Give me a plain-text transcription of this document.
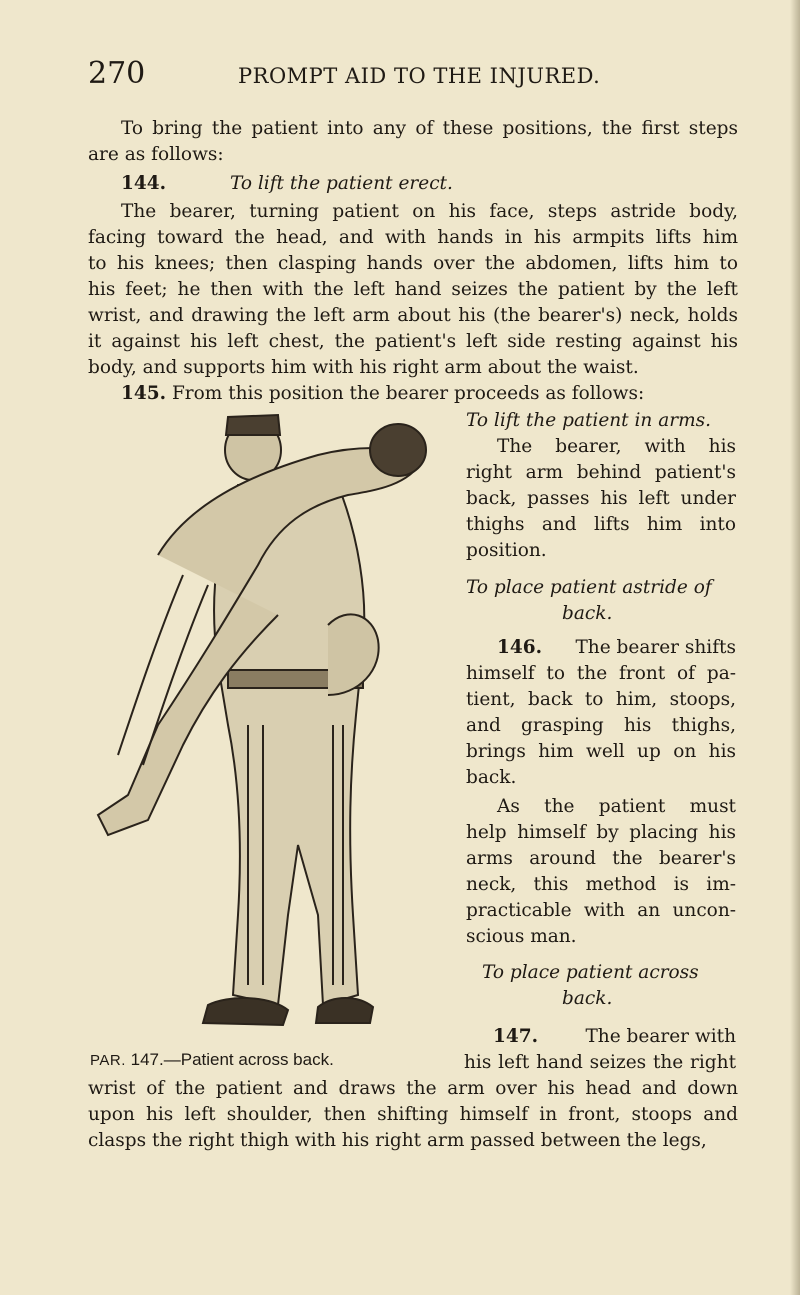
270	PROMPT AID TO THE INJURED.
To bring the patient into any of these positions, the first steps
are as follows:
144.	To lift the patient erect.
The bearer, turning patient on his face, steps astride body,
facing toward the head, and with hands in his armpits lifts him
to his knees; then clasping hands over the abdomen, lifts him to
his feet; he then with the left hand seizes the patient by the left
wrist, and drawing the left arm about his (the bearer's) neck, holds
it against his left chest, the patient's left side resting against his
body, and supports him with his right arm about the waist.
145. From this position the bearer proceeds as follows:
To lift the patient in arms.
The bearer, with his
right arm behind patient's
back, passes his left under
thighs and lifts him into
position.
To place patient astride of
back.
146. The bearer shifts
himself to the front of pa-
tient, back to him, stoops,
and grasping his thighs,
brings him well up on his
back.
As the patient must
help himself by placing his
arms around the bearer's
neck, this method is im-
practicable with an uncon-
scious man.
To place patient across
back.
147.	The bearer with
his left hand seizes the right
wrist of the patient and draws the arm over his head and down
upon his left shoulder, then shifting himself in front, stoops and
clasps the right thigh with his right arm passed between the legs,
PAR. 147.—Patient across back.
